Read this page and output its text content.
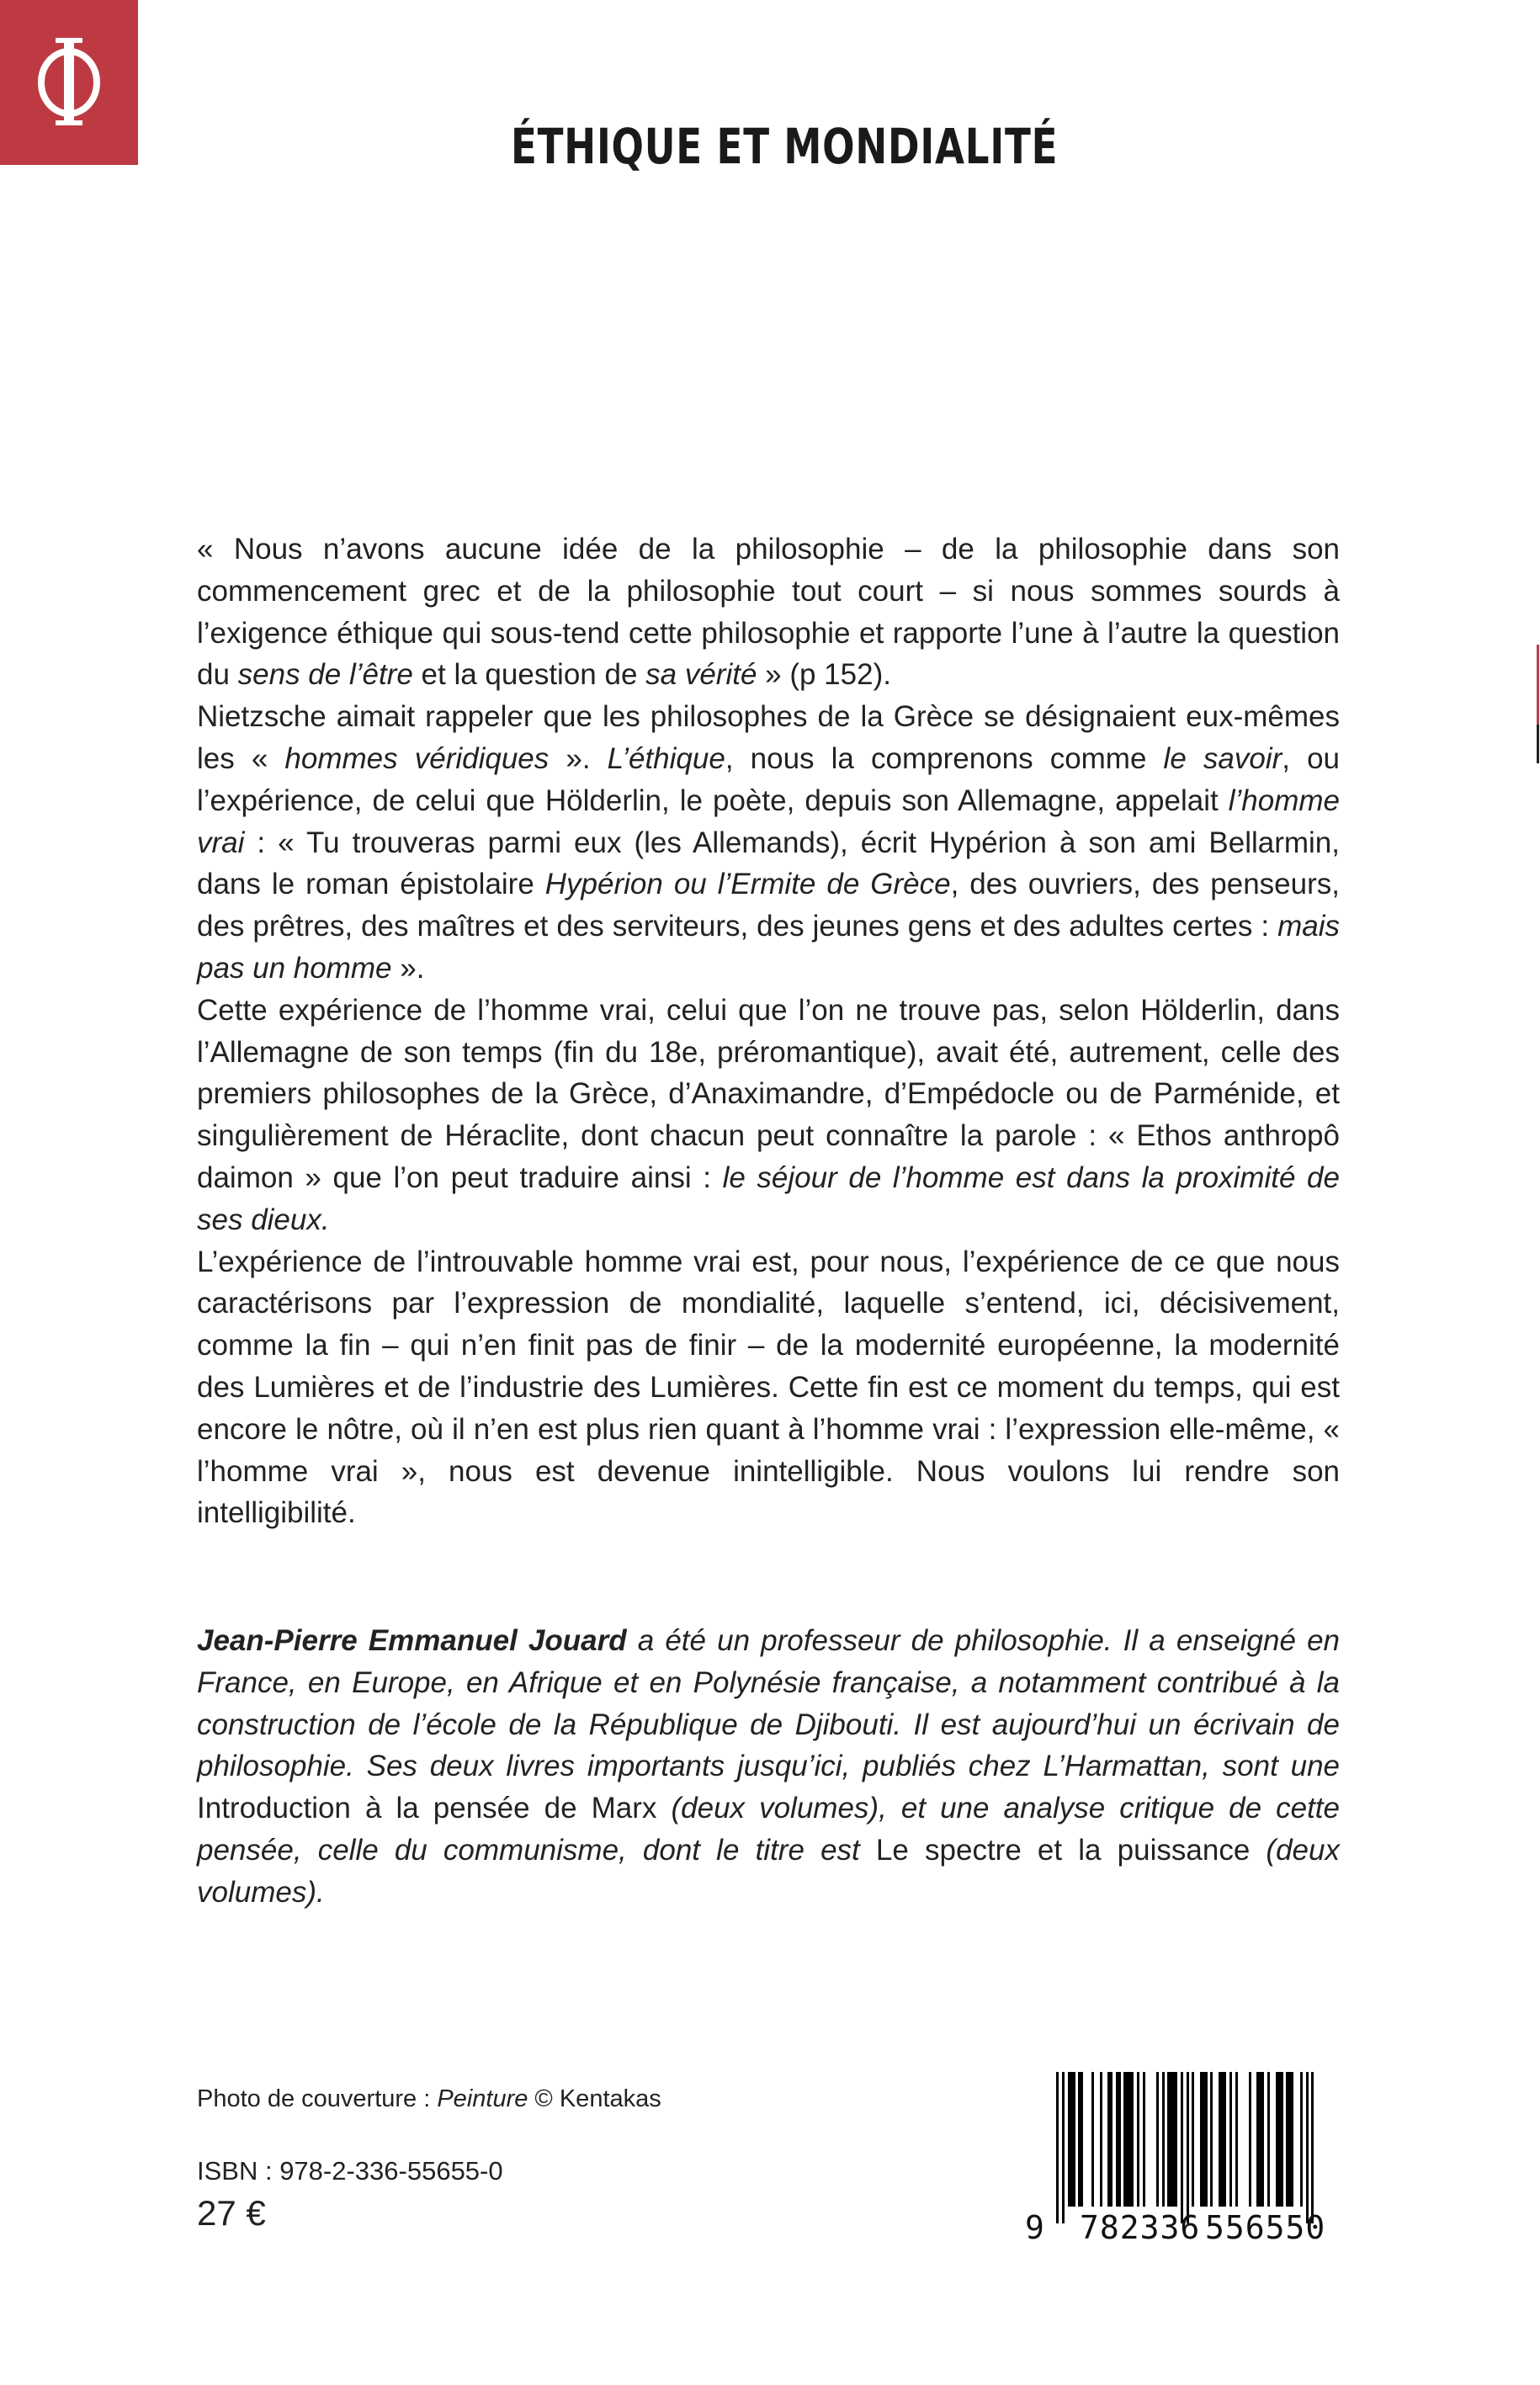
ÉTHIQUE ET MONDIALITÉ

« Nous n’avons aucune idée de la philosophie – de la philosophie dans son commencement grec et de la philosophie tout court – si nous sommes sourds à l’exigence éthique qui sous-tend cette philosophie et rapporte l’une à l’autre la question du sens de l’être et la question de sa vérité » (p 152).

Nietzsche aimait rappeler que les philosophes de la Grèce se désignaient eux-mêmes les « hommes véridiques ». L’éthique, nous la comprenons comme le savoir, ou l’expérience, de celui que Hölderlin, le poète, depuis son Allemagne, appelait l’homme vrai : « Tu trouveras parmi eux (les Allemands), écrit Hypérion à son ami Bellarmin, dans le roman épistolaire Hypérion ou l’Ermite de Grèce, des ouvriers, des penseurs, des prêtres, des maîtres et des serviteurs, des jeunes gens et des adultes certes : mais pas un homme ».

Cette expérience de l’homme vrai, celui que l’on ne trouve pas, selon Hölderlin, dans l’Allemagne de son temps (fin du 18e, préromantique), avait été, autrement, celle des premiers philosophes de la Grèce, d’Anaximandre, d’Empédocle ou de Parménide, et singulièrement de Héraclite, dont chacun peut connaître la parole : « Ethos anthropô daimon » que l’on peut traduire ainsi : le séjour de l’homme est dans la proximité de ses dieux.

L’expérience de l’introuvable homme vrai est, pour nous, l’expérience de ce que nous caractérisons par l’expression de mondialité, laquelle s’entend, ici, décisivement, comme la fin – qui n’en finit pas de finir – de la modernité européenne, la modernité des Lumières et de l’industrie des Lumières. Cette fin est ce moment du temps, qui est encore le nôtre, où il n’en est plus rien quant à l’homme vrai : l’expression elle-même, « l’homme vrai », nous est devenue inintelligible. Nous voulons lui rendre son intelligibilité.

Jean-Pierre Emmanuel Jouard a été un professeur de philosophie. Il a enseigné en France, en Europe, en Afrique et en Polynésie française, a notamment contribué à la construction de l’école de la République de Djibouti. Il est aujourd’hui un écrivain de philosophie. Ses deux livres importants jusqu’ici, publiés chez L’Harmattan, sont une Introduction à la pensée de Marx (deux volumes), et une analyse critique de cette pensée, celle du communisme, dont le titre est Le spectre et la puissance (deux volumes).
Photo de couverture : Peinture © Kentakas
ISBN : 978-2-336-55655-0
27 €	9 782336 556550
